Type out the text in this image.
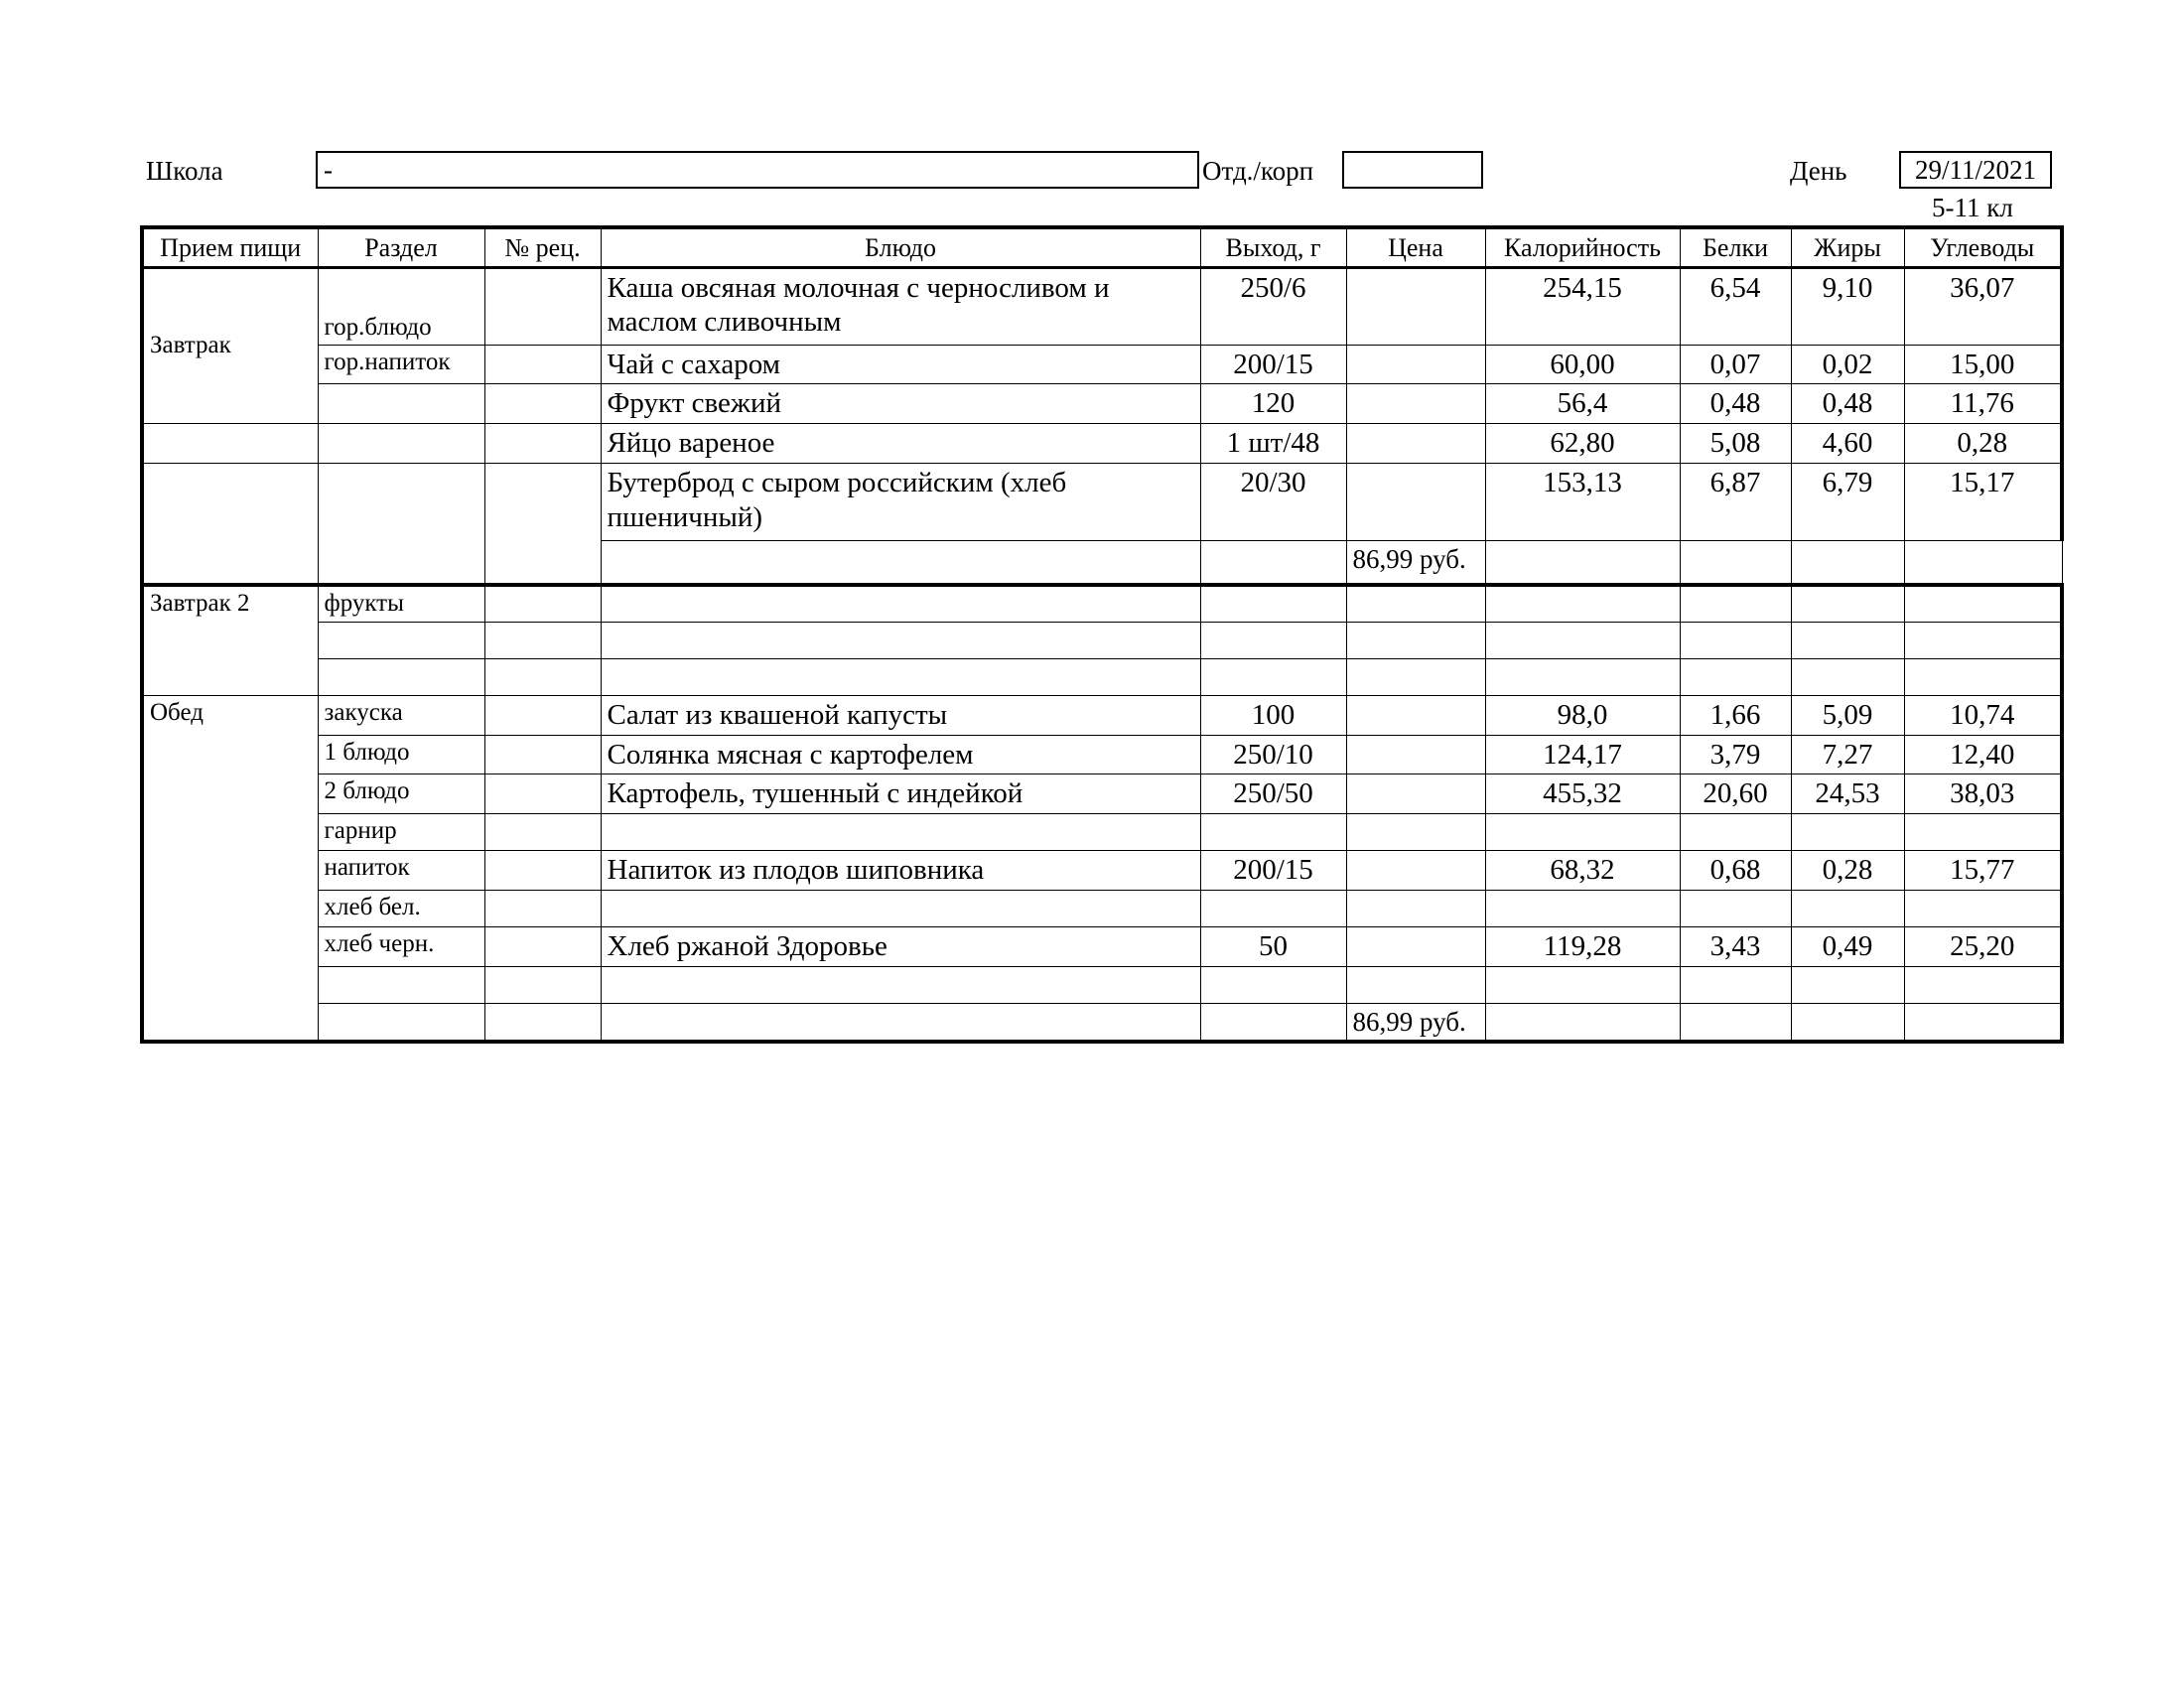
Школа	-	Отд./корп	День	29/11/2021
5-11 кл
Прием пищи	Раздел	№ рец.	Блюдо	Выход, г	Цена	Калорийность	Белки	Жиры	Углеводы
Завтрак	гор.блюдо		Каша овсяная молочная с черносливом и маслом сливочным	250/6		254,15	6,54	9,10	36,07
	гор.напиток		Чай с сахаром	200/15		60,00	0,07	0,02	15,00
			Фрукт свежий	120		56,4	0,48	0,48	11,76
			Яйцо вареное	1 шт/48		62,80	5,08	4,60	0,28
			Бутерброд с сыром российским (хлеб пшеничный)	20/30		153,13	6,87	6,79	15,17
					86,99 руб.				
Завтрак 2	фрукты								

Обед	закуска		Салат из квашеной капусты	100		98,0	1,66	5,09	10,74
	1 блюдо		Солянка мясная с картофелем	250/10		124,17	3,79	7,27	12,40
	2 блюдо		Картофель, тушенный с индейкой	250/50		455,32	20,60	24,53	38,03
	гарнир								
	напиток		Напиток из плодов шиповника	200/15		68,32	0,68	0,28	15,77
	хлеб бел.								
	хлеб черн.		Хлеб ржаной Здоровье	50		119,28	3,43	0,49	25,20

					86,99 руб.				
